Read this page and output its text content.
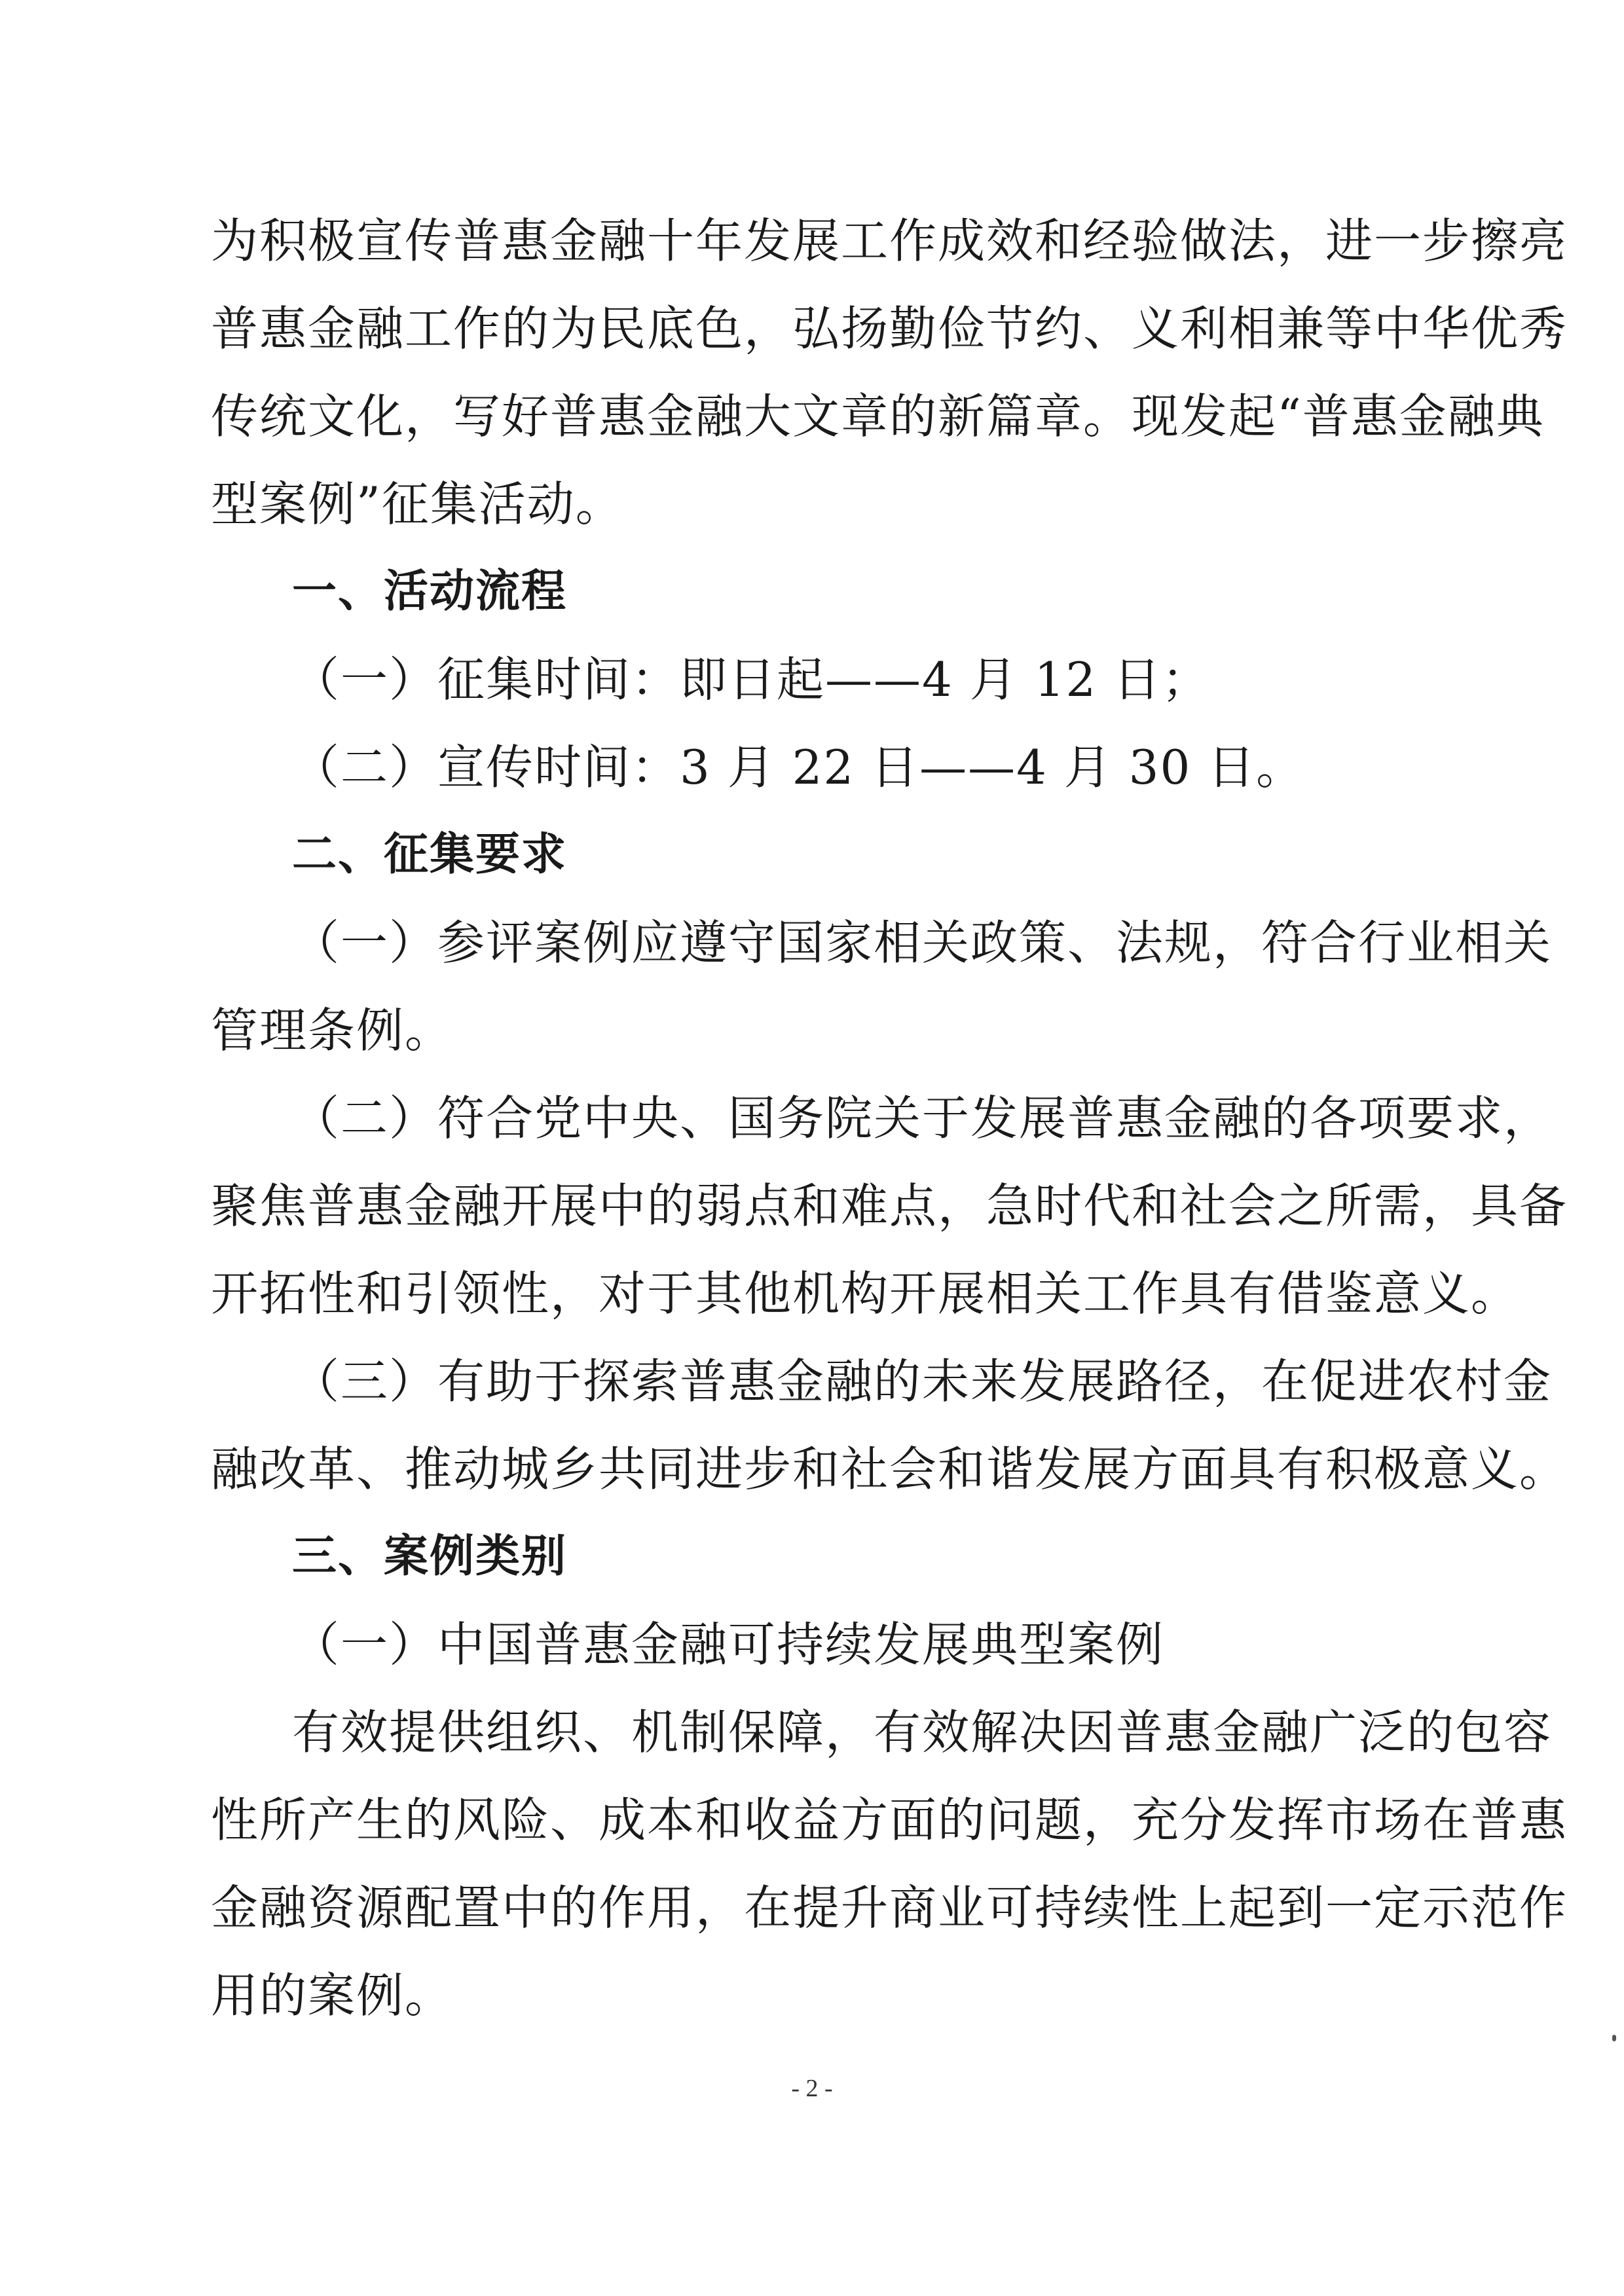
为积极宣传普惠金融十年发展工作成效和经验做法，进一步擦亮
普惠金融工作的为民底色，弘扬勤俭节约、义利相兼等中华优秀
传统文化，写好普惠金融大文章的新篇章。现发起“普惠金融典
型案例”征集活动。
一、活动流程
（一）征集时间：即日起——4 月 12 日；
（二）宣传时间：3 月 22 日——4 月 30 日。
二、征集要求
（一）参评案例应遵守国家相关政策、法规，符合行业相关
管理条例。
（二）符合党中央、国务院关于发展普惠金融的各项要求，
聚焦普惠金融开展中的弱点和难点，急时代和社会之所需，具备
开拓性和引领性，对于其他机构开展相关工作具有借鉴意义。
（三）有助于探索普惠金融的未来发展路径，在促进农村金
融改革、推动城乡共同进步和社会和谐发展方面具有积极意义。
三、案例类别
（一）中国普惠金融可持续发展典型案例
有效提供组织、机制保障，有效解决因普惠金融广泛的包容
性所产生的风险、成本和收益方面的问题，充分发挥市场在普惠
金融资源配置中的作用，在提升商业可持续性上起到一定示范作
用的案例。
- 2 -
